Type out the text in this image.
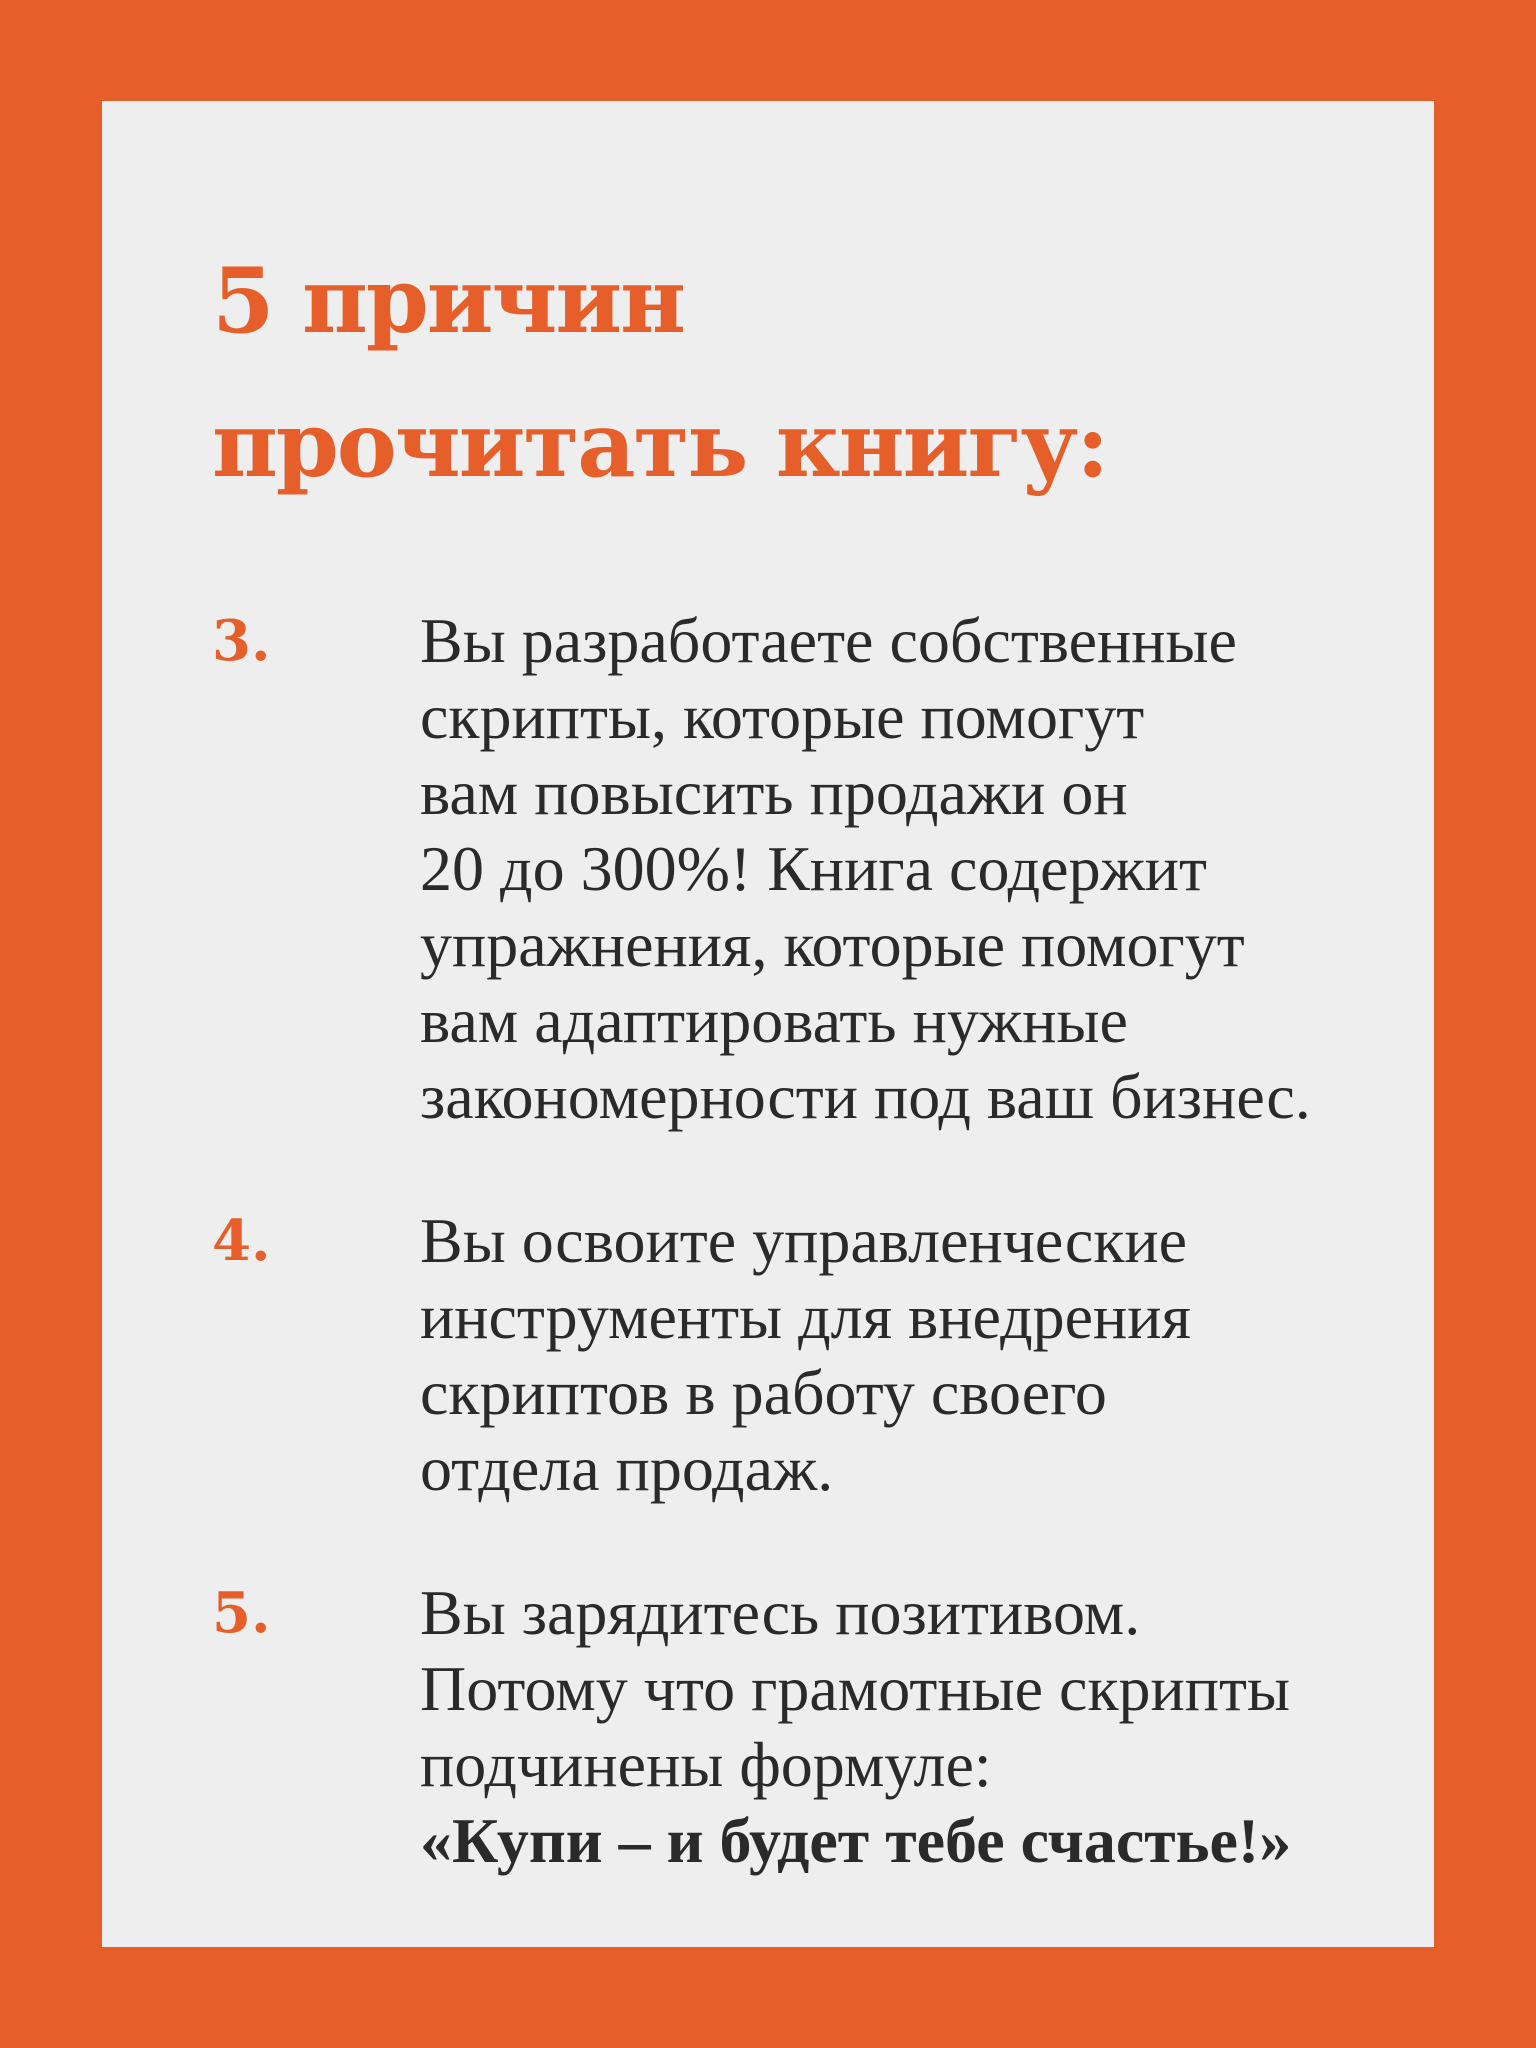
5 причин
прочитать книгу:
3.	Вы разработаете собственные
скрипты, которые помогут
вам повысить продажи он
20 до 300%! Книга содержит
упражнения, которые помогут
вам адаптировать нужные
закономерности под ваш бизнес.

4.	Вы освоите управленческие
инструменты для внедрения
скриптов в работу своего
отдела продаж.

5.	Вы зарядитесь позитивом.
Потому что грамотные скрипты
подчинены формуле:
«Купи – и будет тебе счастье!»
